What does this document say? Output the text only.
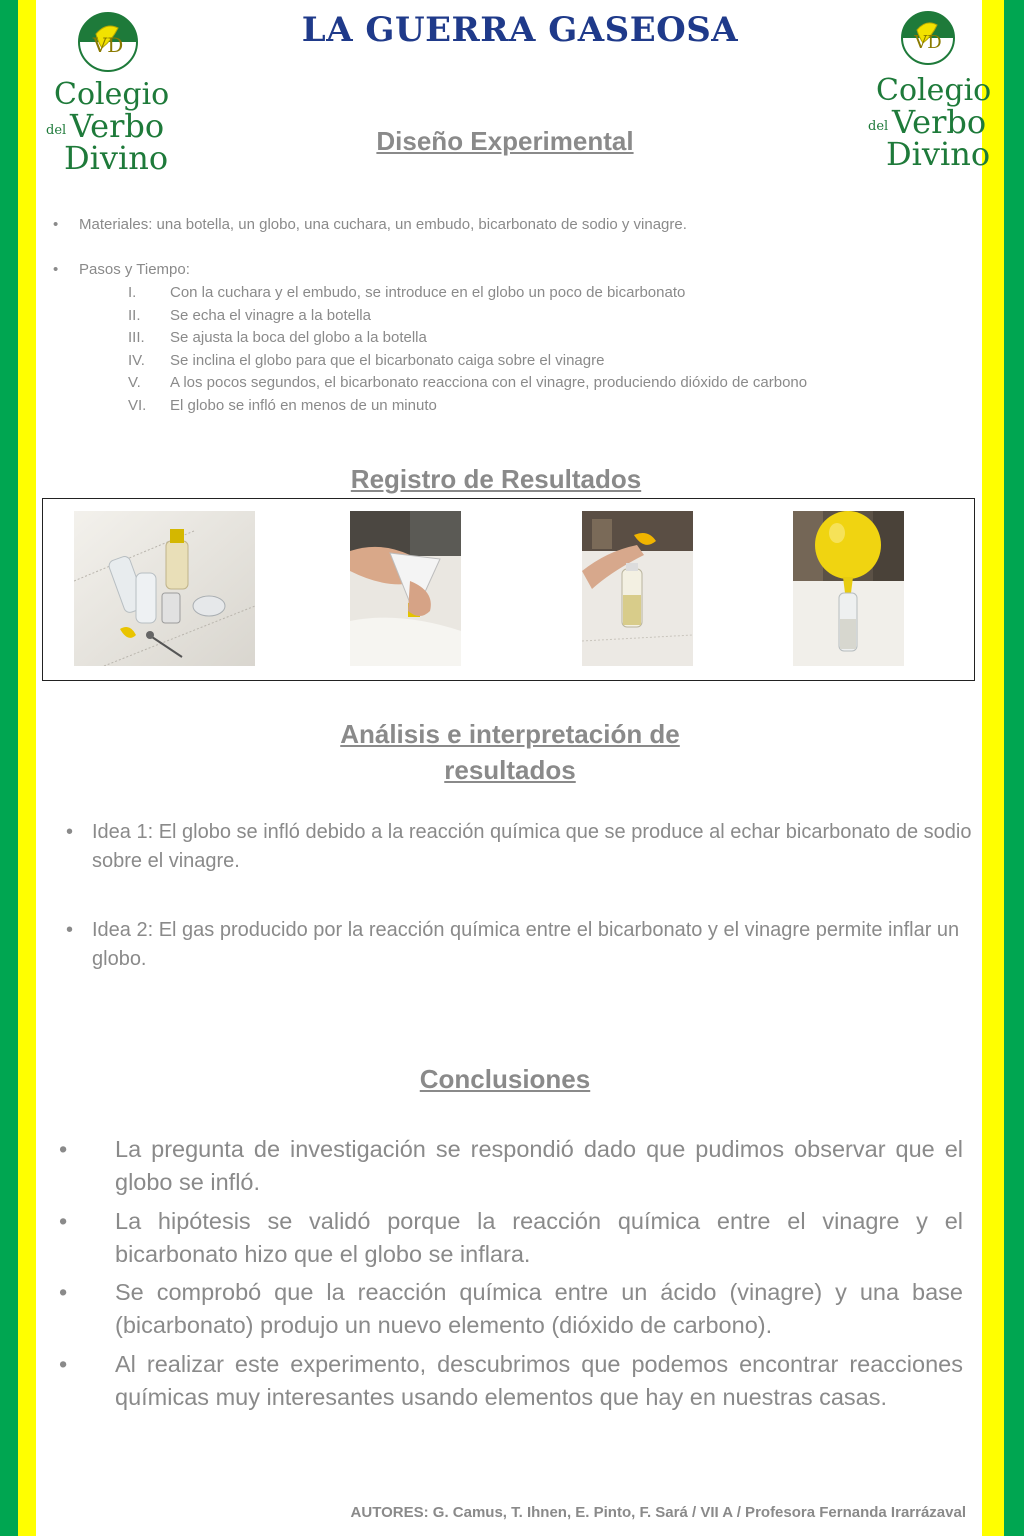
VD
Colegio
del Verbo
Divino
VD
Colegio
del Verbo
Divino
LA GUERRA GASEOSA
Diseño Experimental
• Materiales: una botella, un globo, una cuchara, un embudo, bicarbonato de sodio y vinagre.
• Pasos y Tiempo:
I.	Con la cuchara y el embudo, se introduce en el globo un poco de bicarbonato
II.	Se echa el vinagre a la botella
III.	Se ajusta la boca del globo a la botella
IV.	Se inclina el globo para que el bicarbonato caiga sobre el vinagre
V.	A los pocos segundos, el bicarbonato reacciona con el vinagre, produciendo dióxido de carbono
VI.	El globo se infló en menos de un minuto
Registro de Resultados
Análisis e interpretación de
resultados
• Idea 1: El globo se infló debido a la reacción química que se produce al echar bicarbonato de sodio sobre el vinagre.
• Idea 2: El gas producido por la reacción química entre el bicarbonato y el vinagre permite inflar un globo.
Conclusiones
• La pregunta de investigación se respondió dado que pudimos observar que el globo se infló.
• La hipótesis se validó porque la reacción química entre el vinagre y el bicarbonato hizo que el globo se inflara.
• Se comprobó que la reacción química entre un ácido (vinagre) y una base (bicarbonato) produjo un nuevo elemento (dióxido de carbono).
• Al realizar este experimento, descubrimos que podemos encontrar reacciones químicas muy interesantes usando elementos que hay en nuestras casas.
AUTORES: G. Camus, T. Ihnen, E. Pinto, F. Sará / VII A / Profesora Fernanda Irarrázaval
